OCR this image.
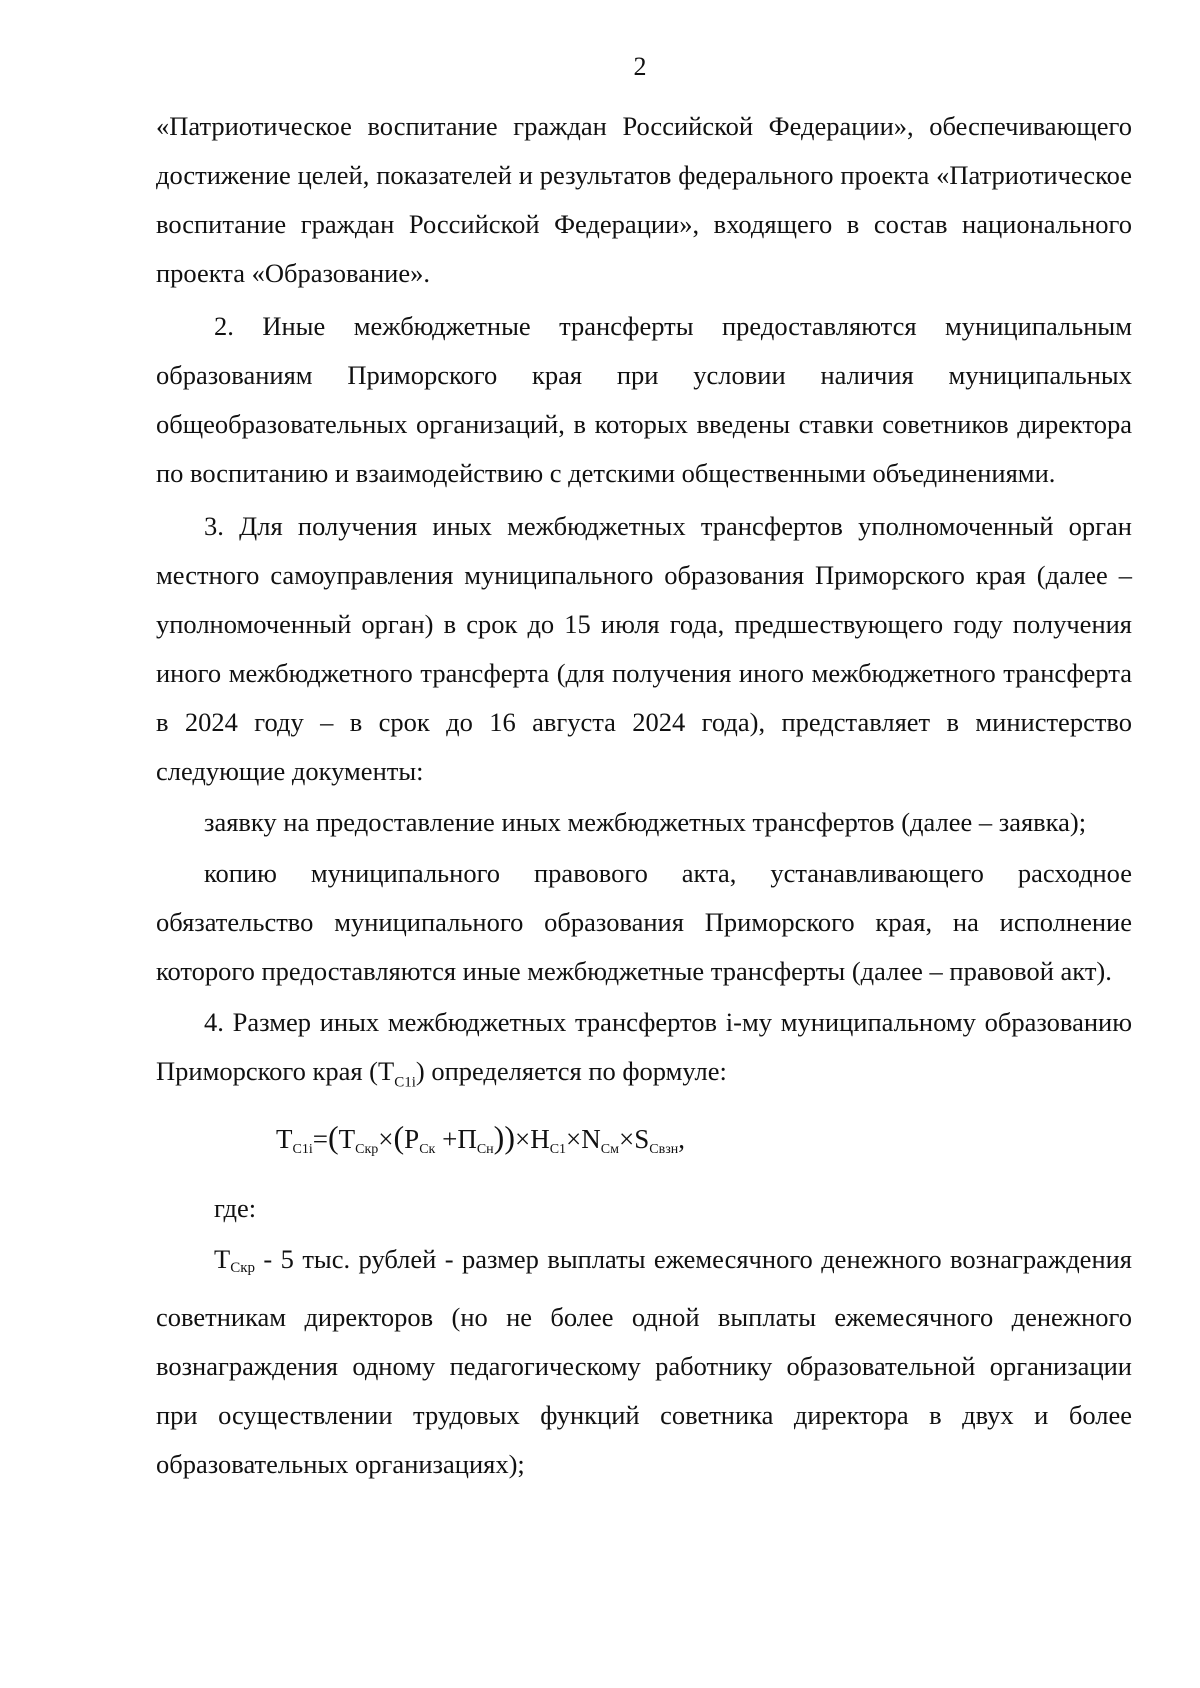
2

«Патриотическое воспитание граждан Российской Федерации», обеспечивающего достижение целей, показателей и результатов федерального проекта «Патриотическое воспитание граждан Российской Федерации», входящего в состав национального проекта «Образование».

2. Иные межбюджетные трансферты предоставляются муниципальным образованиям Приморского края при условии наличия муниципальных общеобразовательных организаций, в которых введены ставки советников директора по воспитанию и взаимодействию с детскими общественными объединениями.

3. Для получения иных межбюджетных трансфертов уполномоченный орган местного самоуправления муниципального образования Приморского края (далее – уполномоченный орган) в срок до 15 июля года, предшествующего году получения иного межбюджетного трансферта (для получения иного межбюджетного трансферта в 2024 году – в срок до 16 августа 2024 года), представляет в министерство следующие документы:

заявку на предоставление иных межбюджетных трансфертов (далее – заявка);

копию муниципального правового акта, устанавливающего расходное обязательство муниципального образования Приморского края, на исполнение которого предоставляются иные межбюджетные трансферты (далее – правовой акт).

4. Размер иных межбюджетных трансфертов i-му муниципальному образованию Приморского края $(T_{C1i})$ определяется по формуле:

$T_{C1i}=(T_{Скр}\times(P_{Ск} +П_{Сн}))\times H_{C1}\times N_{См}\times S_{Свзн}$,

где:

$T_{Скр} - 5$ тыс. рублей - размер выплаты ежемесячного денежного вознаграждения советникам директоров (но не более одной выплаты ежемесячного денежного вознаграждения одному педагогическому работнику образовательной организации при осуществлении трудовых функций советника директора в двух и более образовательных организациях);
